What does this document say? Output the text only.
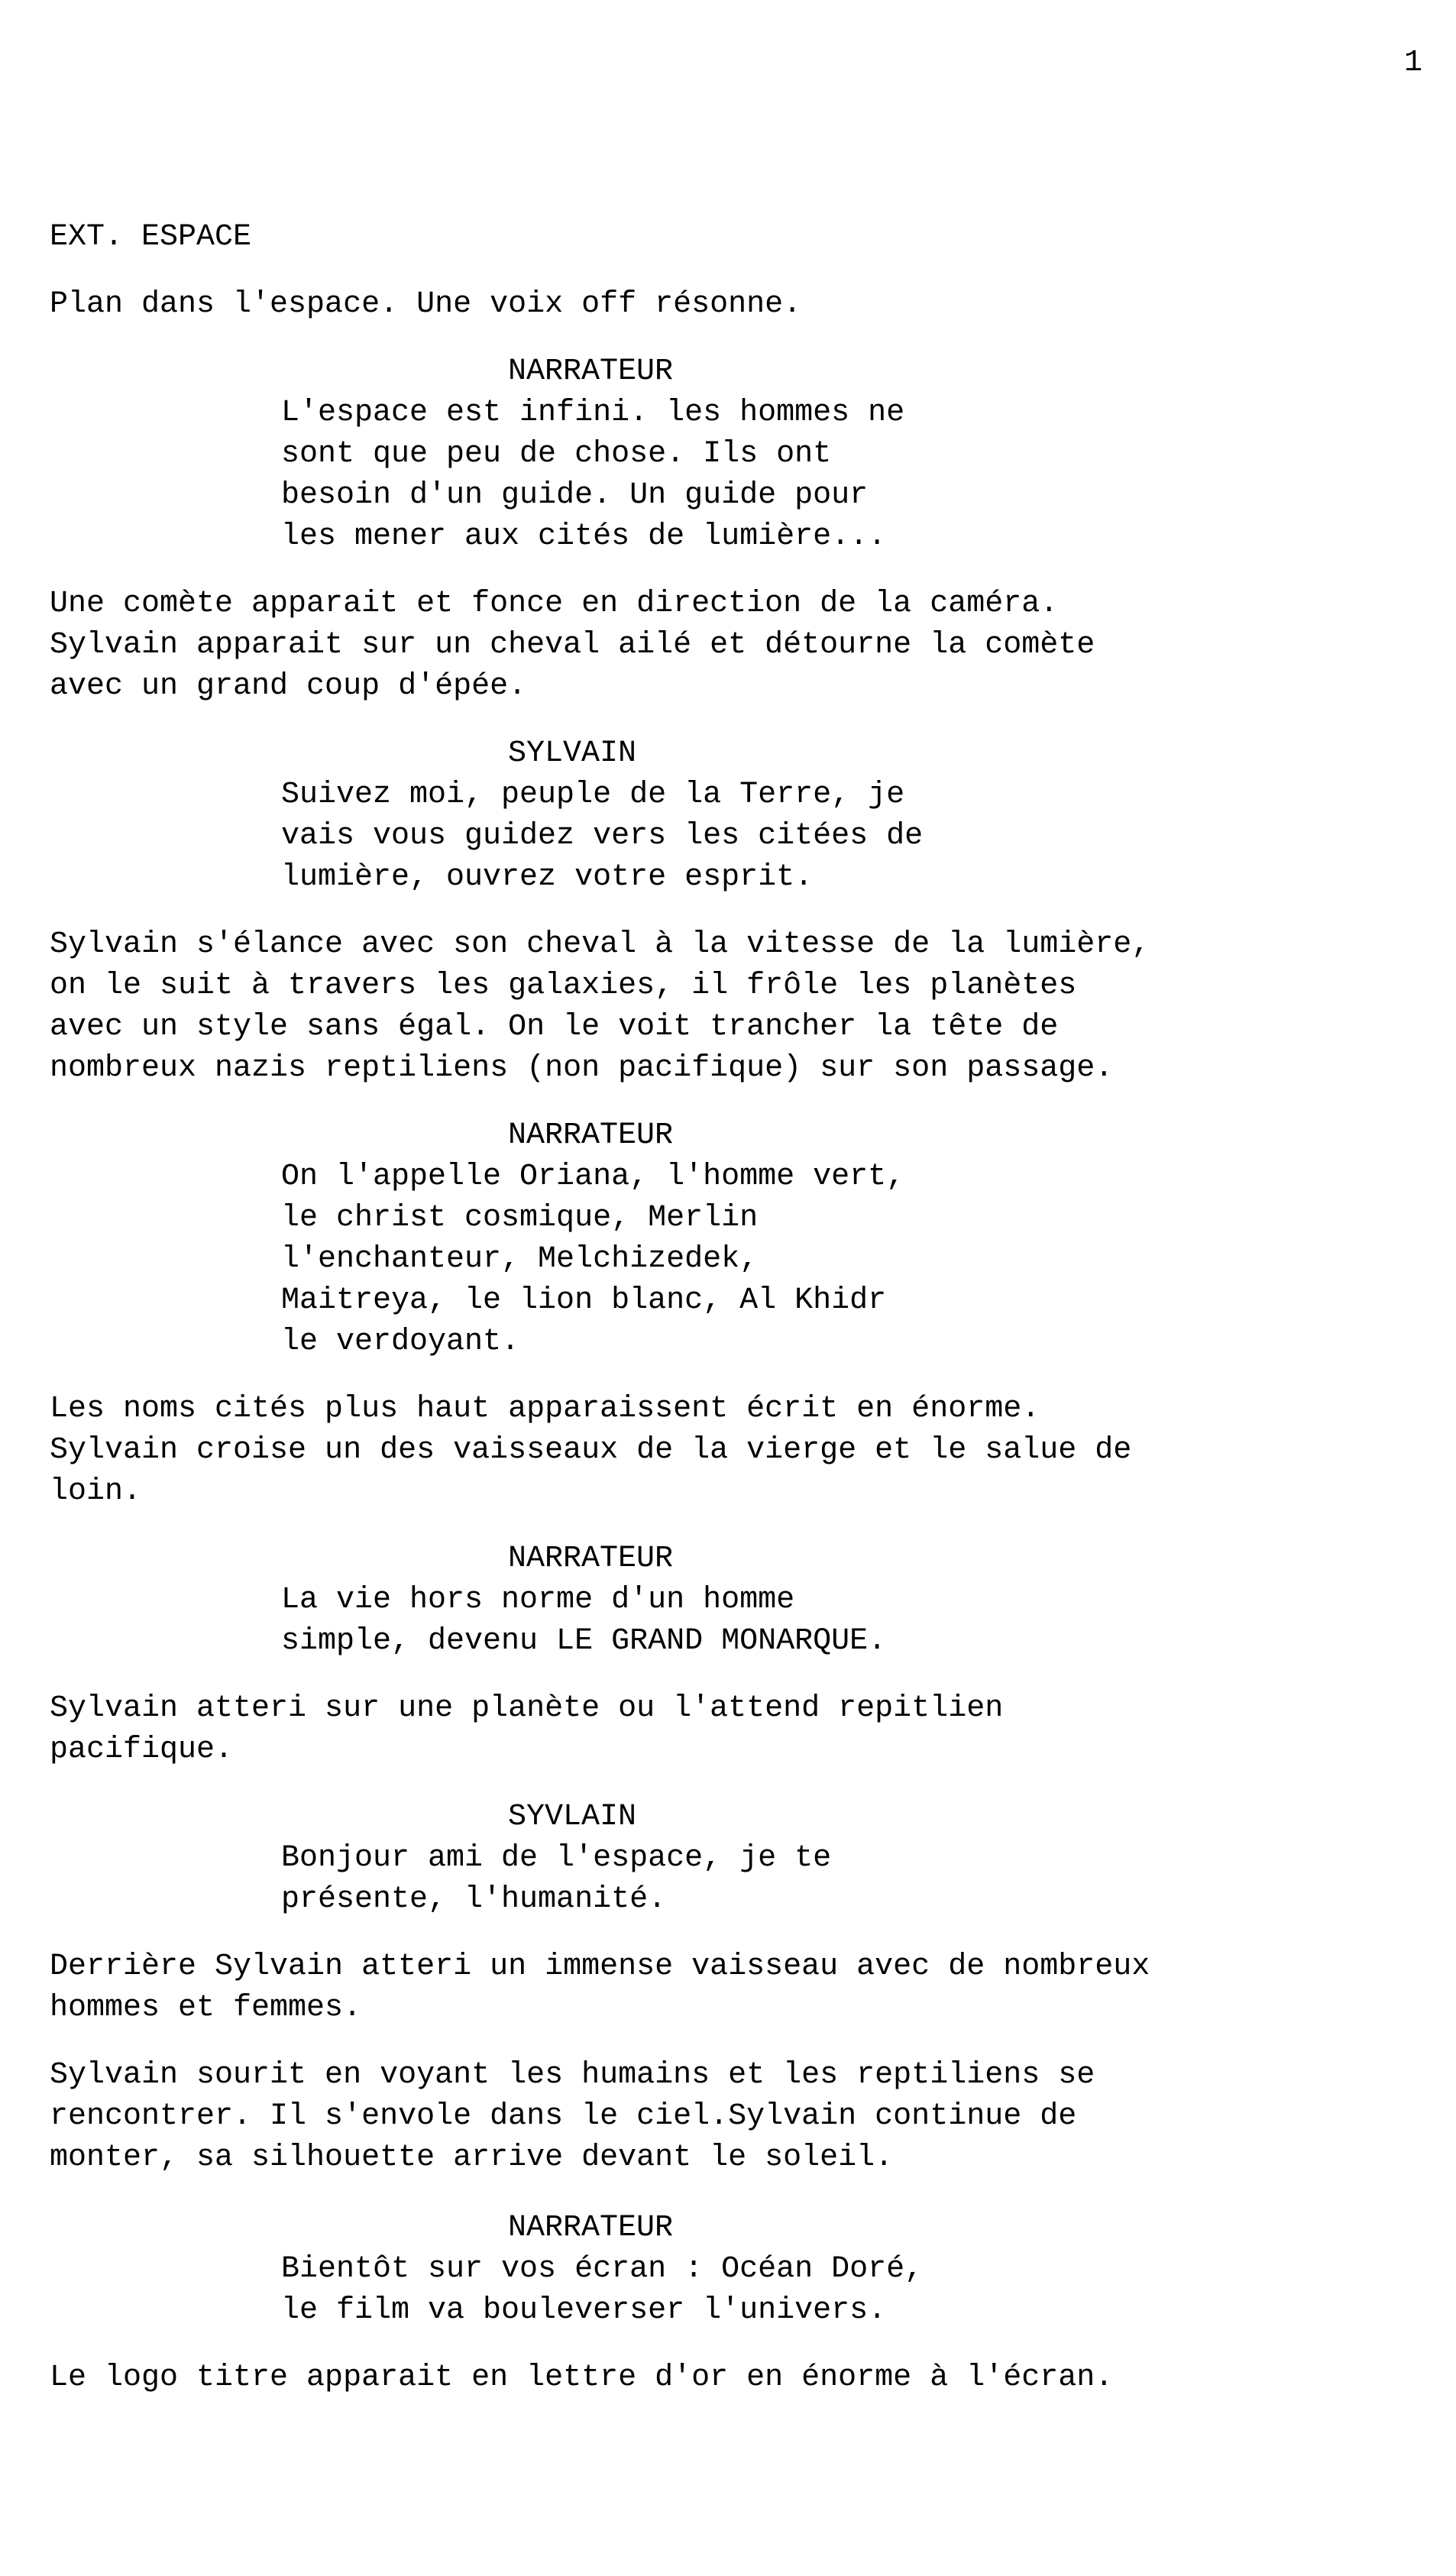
1
EXT. ESPACE
Plan dans l'espace. Une voix off résonne.
NARRATEUR
L'espace est infini. les hommes ne
sont que peu de chose. Ils ont
besoin d'un guide. Un guide pour
les mener aux cités de lumière...
Une comète apparait et fonce en direction de la caméra.
Sylvain apparait sur un cheval ailé et détourne la comète
avec un grand coup d'épée.
SYLVAIN
Suivez moi, peuple de la Terre, je
vais vous guidez vers les citées de
lumière, ouvrez votre esprit.
Sylvain s'élance avec son cheval à la vitesse de la lumière,
on le suit à travers les galaxies, il frôle les planètes
avec un style sans égal. On le voit trancher la tête de
nombreux nazis reptiliens (non pacifique) sur son passage.
NARRATEUR
On l'appelle Oriana, l'homme vert,
le christ cosmique, Merlin
l'enchanteur, Melchizedek,
Maitreya, le lion blanc, Al Khidr
le verdoyant.
Les noms cités plus haut apparaissent écrit en énorme.
Sylvain croise un des vaisseaux de la vierge et le salue de
loin.
NARRATEUR
La vie hors norme d'un homme
simple, devenu LE GRAND MONARQUE.
Sylvain atteri sur une planète ou l'attend repitlien
pacifique.
SYVLAIN
Bonjour ami de l'espace, je te
présente, l'humanité.
Derrière Sylvain atteri un immense vaisseau avec de nombreux
hommes et femmes.
Sylvain sourit en voyant les humains et les reptiliens se
rencontrer. Il s'envole dans le ciel.Sylvain continue de
monter, sa silhouette arrive devant le soleil.
NARRATEUR
Bientôt sur vos écran : Océan Doré,
le film va bouleverser l'univers.
Le logo titre apparait en lettre d'or en énorme à l'écran.
